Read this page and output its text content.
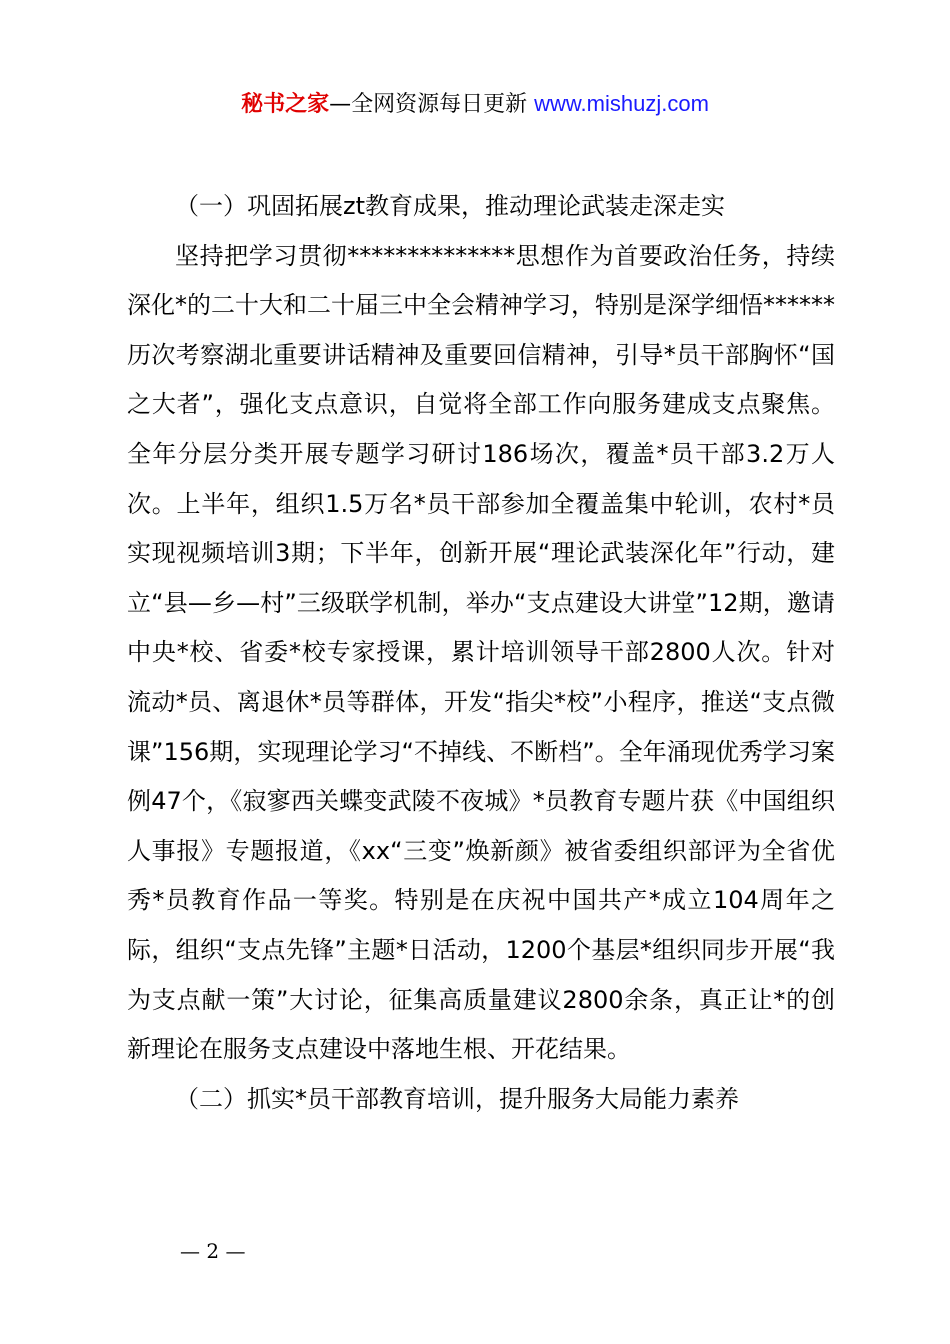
秘书之家—全网资源每日更新 www.mishuzj.com

（一）巩固拓展zt教育成果，推动理论武装走深走实

坚持把学习贯彻**************思想作为首要政治任务，持续深化*的二十大和二十届三中全会精神学习，特别是深学细悟******历次考察湖北重要讲话精神及重要回信精神，引导*员干部胸怀“国之大者”，强化支点意识，自觉将全部工作向服务建成支点聚焦。全年分层分类开展专题学习研讨186场次，覆盖*员干部3.2万人次。上半年，组织1.5万名*员干部参加全覆盖集中轮训，农村*员实现视频培训3期；下半年，创新开展“理论武装深化年”行动，建立“县—乡—村”三级联学机制，举办“支点建设大讲堂”12期，邀请中央*校、省委*校专家授课，累计培训领导干部2800人次。针对流动*员、离退休*员等群体，开发“指尖*校”小程序，推送“支点微课”156期，实现理论学习“不掉线、不断档”。全年涌现优秀学习案例47个，《寂寥西关蝶变武陵不夜城》*员教育专题片获《中国组织人事报》专题报道，《xx“三变”焕新颜》被省委组织部评为全省优秀*员教育作品一等奖。特别是在庆祝中国共产*成立104周年之际，组织“支点先锋”主题*日活动，1200个基层*组织同步开展“我为支点献一策”大讨论，征集高质量建议2800余条，真正让*的创新理论在服务支点建设中落地生根、开花结果。

（二）抓实*员干部教育培训，提升服务大局能力素养

— 2 —
